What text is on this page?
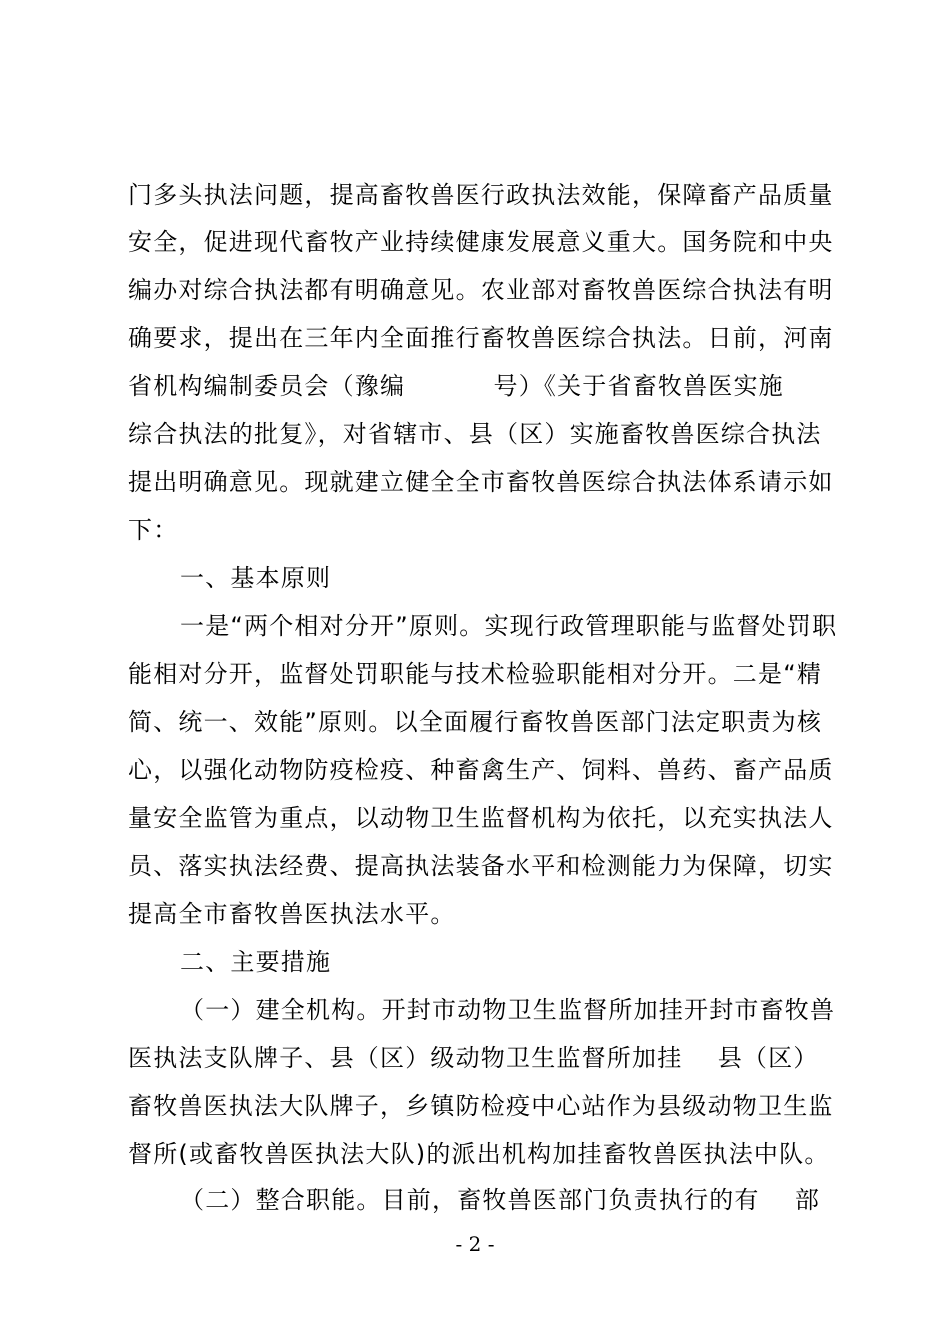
门多头执法问题，提高畜牧兽医行政执法效能，保障畜产品质量
安全，促进现代畜牧产业持续健康发展意义重大。国务院和中央
编办对综合执法都有明确意见。农业部对畜牧兽医综合执法有明
确要求，提出在三年内全面推行畜牧兽医综合执法。日前，河南
省机构编制委员会（豫编          号）《关于省畜牧兽医实施
综合执法的批复》，对省辖市、县（区）实施畜牧兽医综合执法
提出明确意见。现就建立健全全市畜牧兽医综合执法体系请示如
下：
一、基本原则
一是“两个相对分开”原则。实现行政管理职能与监督处罚职
能相对分开，监督处罚职能与技术检验职能相对分开。二是“精
简、统一、效能”原则。以全面履行畜牧兽医部门法定职责为核
心，以强化动物防疫检疫、种畜禽生产、饲料、兽药、畜产品质
量安全监管为重点，以动物卫生监督机构为依托，以充实执法人
员、落实执法经费、提高执法装备水平和检测能力为保障，切实
提高全市畜牧兽医执法水平。
二、主要措施
（一）建全机构。开封市动物卫生监督所加挂开封市畜牧兽
医执法支队牌子、县（区）级动物卫生监督所加挂    县（区）
畜牧兽医执法大队牌子，乡镇防检疫中心站作为县级动物卫生监
督所(或畜牧兽医执法大队)的派出机构加挂畜牧兽医执法中队。
（二）整合职能。目前，畜牧兽医部门负责执行的有    部
- 2 -
